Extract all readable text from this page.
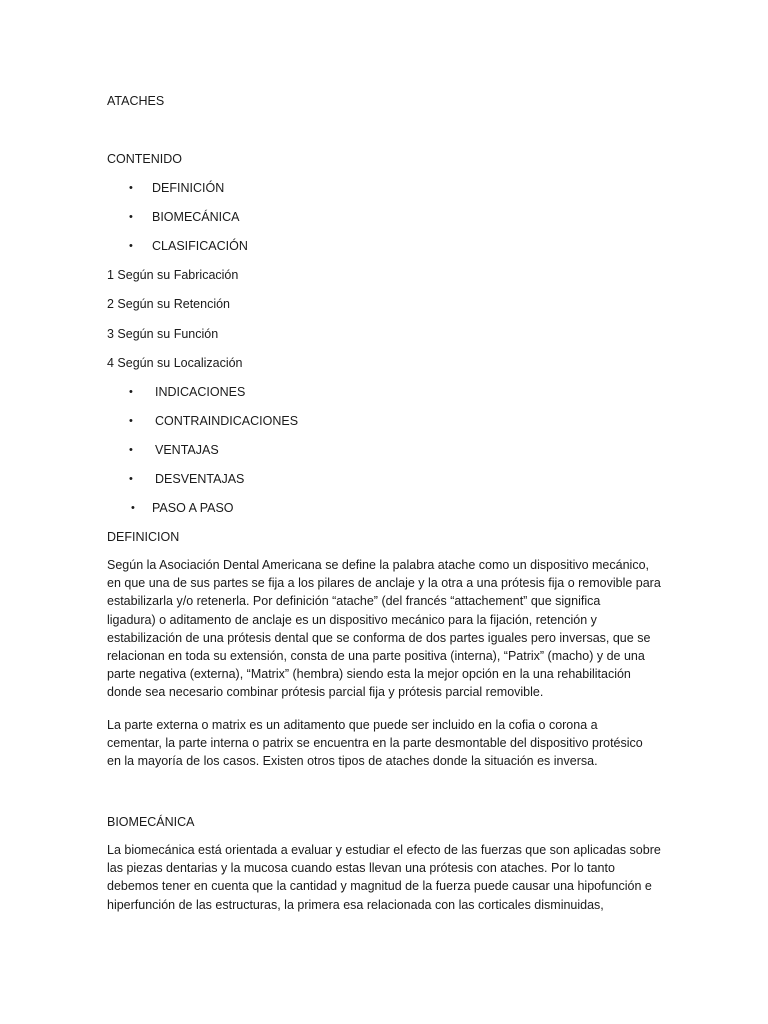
ATACHES
CONTENIDO
• DEFINICIÓN
• BIOMECÁNICA
• CLASIFICACIÓN
1 Según su Fabricación
2 Según su Retención
3 Según su Función
4 Según su Localización
• INDICACIONES
• CONTRAINDICACIONES
• VENTAJAS
• DESVENTAJAS
• PASO A PASO
DEFINICION
Según la Asociación Dental Americana se define la palabra atache como un dispositivo mecánico,
en que una de sus partes se fija a los pilares de anclaje y la otra a una prótesis fija o removible para
estabilizarla y/o retenerla. Por definición “atache” (del francés “attachement” que significa
ligadura) o aditamento de anclaje es un dispositivo mecánico para la fijación, retención y
estabilización de una prótesis dental que se conforma de dos partes iguales pero inversas, que se
relacionan en toda su extensión, consta de una parte positiva (interna), “Patrix” (macho) y de una
parte negativa (externa), “Matrix” (hembra) siendo esta la mejor opción en la una rehabilitación
donde sea necesario combinar prótesis parcial fija y prótesis parcial removible.
La parte externa o matrix es un aditamento que puede ser incluido en la cofia o corona a
cementar, la parte interna o patrix se encuentra en la parte desmontable del dispositivo protésico
en la mayoría de los casos. Existen otros tipos de ataches donde la situación es inversa.
BIOMECÁNICA
La biomecánica está orientada a evaluar y estudiar el efecto de las fuerzas que son aplicadas sobre
las piezas dentarias y la mucosa cuando estas llevan una prótesis con ataches. Por lo tanto
debemos tener en cuenta que la cantidad y magnitud de la fuerza puede causar una hipofunción e
hiperfunción de las estructuras, la primera esa relacionada con las corticales disminuidas,
